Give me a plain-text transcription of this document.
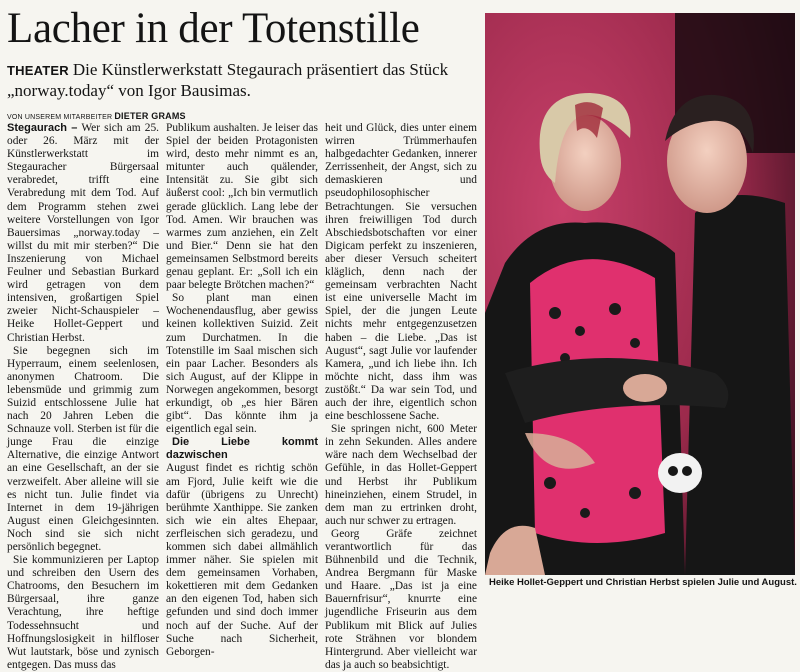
Lacher in der Totenstille
THEATER Die Künstlerwerkstatt Stegaurach präsentiert das Stück „norway.today“ von Igor Bausimas.
VON UNSEREM MITARBEITER DIETER GRAMS

Stegaurach – Wer sich am 25. oder 26. März mit der Künstlerwerkstatt im Stegauracher Bürgersaal verabredet, trifft eine Verabredung mit dem Tod. Auf dem Programm stehen zwei weitere Vorstellungen von Igor Bauersimas „norway.today – willst du mit mir sterben?“ Die Inszenierung von Michael Feulner und Sebastian Burkard wird getragen von dem intensiven, großartigen Spiel zweier Nicht-Schauspieler – Heike Hollet-Geppert und Christian Herbst.

Sie begegnen sich im Hyperraum, einem seelenlosen, anonymen Chatroom. Die lebensmüde und grimmig zum Suizid entschlossene Julie hat nach 20 Jahren Leben die Schnauze voll. Sterben ist für die junge Frau die einzige Alternative, die einzige Antwort an eine Gesellschaft, an der sie verzweifelt. Aber alleine will sie es nicht tun. Julie findet via Internet in dem 19-jährigen August einen Gleichgesinnten. Noch sind sie sich nicht persönlich begegnet.

Sie kommunizieren per Laptop und schreiben den Usern des Chatrooms, den Besuchern im Bürgersaal, ihre ganze Verachtung, ihre heftige Todessehnsucht und Hoffnungslosigkeit in hilfloser Wut lautstark, böse und zynisch entgegen. Das muss das

Publikum aushalten. Je leiser das Spiel der beiden Protagonisten wird, desto mehr nimmt es an, mitunter auch quälender, Intensität zu. Sie gibt sich äußerst cool: „Ich bin vermutlich gerade glücklich. Lang lebe der Tod. Amen. Wir brauchen was warmes zum anziehen, ein Zelt und Bier.“ Denn sie hat den gemeinsamen Selbstmord bereits genau geplant. Er: „Soll ich ein paar belegte Brötchen machen?“

So plant man einen Wochenendausflug, aber gewiss keinen kollektiven Suizid. Zeit zum Durchatmen. In die Totenstille im Saal mischen sich ein paar Lacher. Besonders als sich August, auf der Klippe in Norwegen angekommen, besorgt erkundigt, ob „es hier Bären gibt“. Das könnte ihm ja eigentlich egal sein.

Die Liebe kommt dazwischen

August findet es richtig schön am Fjord, Julie keift wie die dafür (übrigens zu Unrecht) berühmte Xanthippe. Sie zanken sich wie ein altes Ehepaar, zerfleischen sich geradezu, und kommen sich dabei allmählich immer näher. Sie spielen mit dem gemeinsamen Vorhaben, kokettieren mit dem Gedanken an den eigenen Tod, haben sich gefunden und sind doch immer noch auf der Suche. Auf der Suche nach Sicherheit, Geborgen-

heit und Glück, dies unter einem wirren Trümmerhaufen halbgedachter Gedanken, innerer Zerrissenheit, der Angst, sich zu demaskieren und pseudophilosophischer Betrachtungen. Sie versuchen ihren freiwilligen Tod durch Abschiedsbotschaften vor einer Digicam perfekt zu inszenieren, aber dieser Versuch scheitert kläglich, denn nach der gemeinsam verbrachten Nacht ist eine universelle Macht im Spiel, der die jungen Leute nichts mehr entgegenzusetzen haben – die Liebe. „Das ist August“, sagt Julie vor laufender Kamera, „und ich liebe ihn. Ich möchte nicht, dass ihm was zustößt.“ Da war sein Tod, und auch der ihre, eigentlich schon eine beschlossene Sache.

Sie springen nicht, 600 Meter in zehn Sekunden. Alles andere wäre nach dem Wechselbad der Gefühle, in das Hollet-Geppert und Herbst ihr Publikum hineinziehen, einem Strudel, in dem man zu ertrinken droht, auch nur schwer zu ertragen.

Georg Gräfe zeichnet verantwortlich für das Bühnenbild und die Technik, Andrea Bergmann für Maske und Haare. „Das ist ja eine Bauernfrisur“, knurrte eine jugendliche Friseurin aus dem Publikum mit Blick auf Julies rote Strähnen vor blondem Hintergrund. Aber vielleicht war das ja auch so beabsichtigt.

Heike Hollet-Geppert und Christian Herbst spielen Julie und August.
